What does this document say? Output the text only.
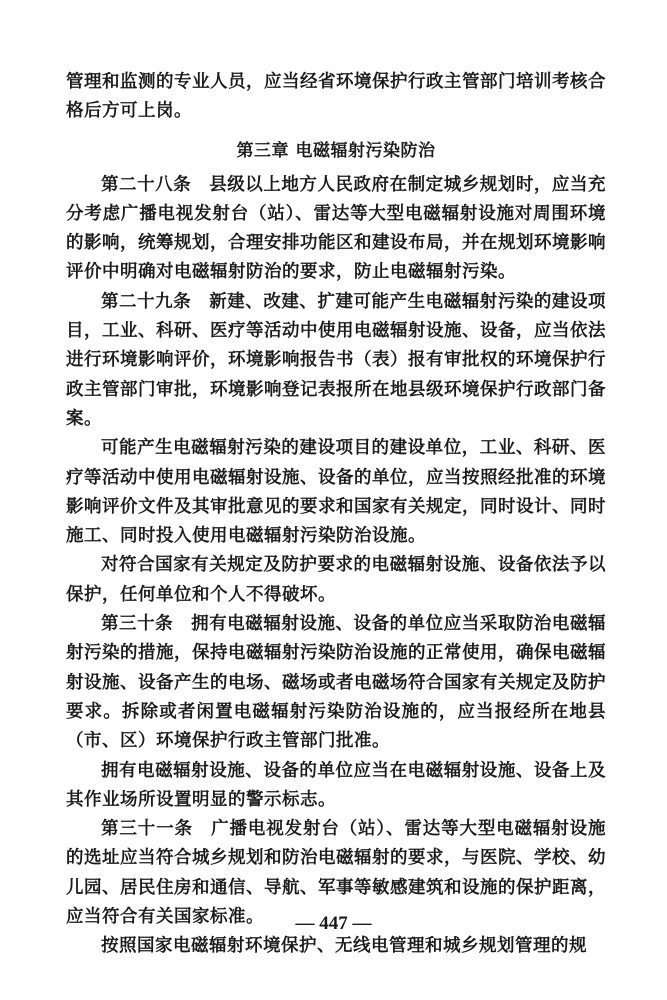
管理和监测的专业人员，应当经省环境保护行政主管部门培训考核合格后方可上岗。

第三章 电磁辐射污染防治

第二十八条　县级以上地方人民政府在制定城乡规划时，应当充分考虑广播电视发射台（站）、雷达等大型电磁辐射设施对周围环境的影响，统筹规划，合理安排功能区和建设布局，并在规划环境影响评价中明确对电磁辐射防治的要求，防止电磁辐射污染。

第二十九条　新建、改建、扩建可能产生电磁辐射污染的建设项目，工业、科研、医疗等活动中使用电磁辐射设施、设备，应当依法进行环境影响评价，环境影响报告书（表）报有审批权的环境保护行政主管部门审批，环境影响登记表报所在地县级环境保护行政部门备案。

可能产生电磁辐射污染的建设项目的建设单位，工业、科研、医疗等活动中使用电磁辐射设施、设备的单位，应当按照经批准的环境影响评价文件及其审批意见的要求和国家有关规定，同时设计、同时施工、同时投入使用电磁辐射污染防治设施。

对符合国家有关规定及防护要求的电磁辐射设施、设备依法予以保护，任何单位和个人不得破坏。

第三十条　拥有电磁辐射设施、设备的单位应当采取防治电磁辐射污染的措施，保持电磁辐射污染防治设施的正常使用，确保电磁辐射设施、设备产生的电场、磁场或者电磁场符合国家有关规定及防护要求。拆除或者闲置电磁辐射污染防治设施的，应当报经所在地县（市、区）环境保护行政主管部门批准。

拥有电磁辐射设施、设备的单位应当在电磁辐射设施、设备上及其作业场所设置明显的警示标志。

第三十一条　广播电视发射台（站）、雷达等大型电磁辐射设施的选址应当符合城乡规划和防治电磁辐射的要求，与医院、学校、幼儿园、居民住房和通信、导航、军事等敏感建筑和设施的保护距离，应当符合有关国家标准。

按照国家电磁辐射环境保护、无线电管理和城乡规划管理的规

— 447 —
